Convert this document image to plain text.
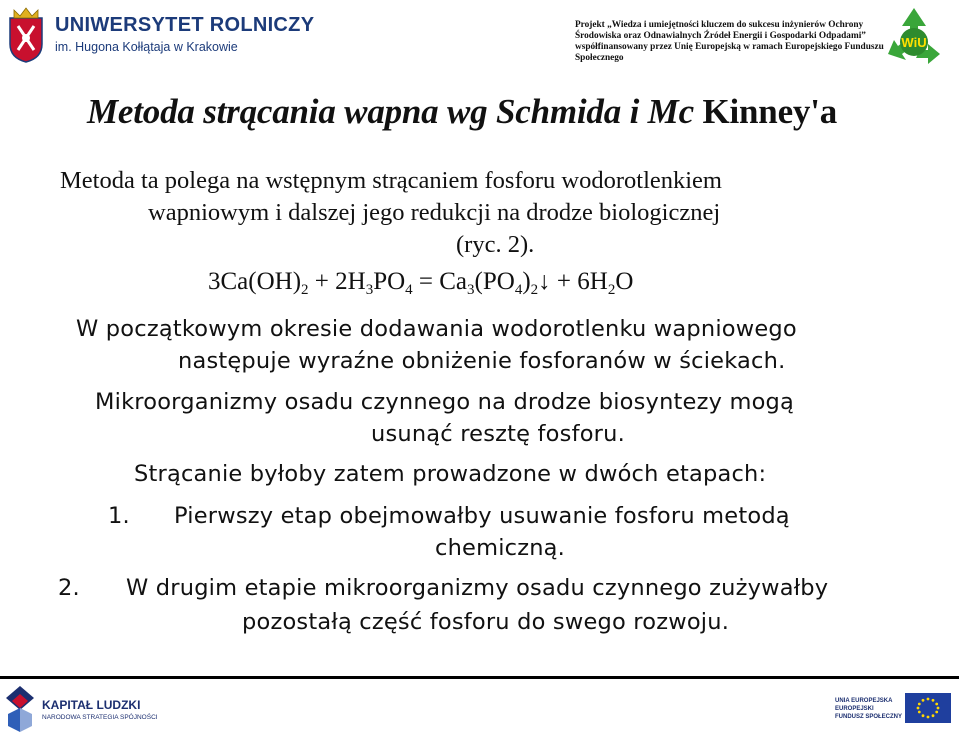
UNIWERSYTET ROLNICZY
im. Hugona Kołłątaja w Krakowie
Projekt „Wiedza i umiejętności kluczem do sukcesu inżynierów Ochrony
Środowiska oraz Odnawialnych Źródeł Energii i Gospodarki Odpadami”
współfinansowany przez Unię Europejską w ramach Europejskiego Funduszu
Społecznego
WiU
Metoda strącania wapna wg Schmida i Mc Kinney'a
Metoda ta polega na wstępnym strącaniem fosforu wodorotlenkiem
wapniowym i dalszej jego redukcji na drodze biologicznej
(ryc. 2).
$3Ca(OH)_2 + 2H_3PO_4$ = $Ca_3(PO_4)_2↓ + 6H_2O$
W początkowym okresie dodawania wodorotlenku wapniowego
następuje wyraźne obniżenie fosforanów w ściekach.
Mikroorganizmy osadu czynnego na drodze biosyntezy mogą
usunąć resztę fosforu.
Strącanie byłoby zatem prowadzone w dwóch etapach:
1. Pierwszy etap obejmowałby usuwanie fosforu metodą
chemiczną.
2. W drugim etapie mikroorganizmy osadu czynnego zużywałby
pozostałą część fosforu do swego rozwoju.
KAPITAŁ LUDZKI
NARODOWA STRATEGIA SPÓJNOŚCI
UNIA EUROPEJSKA
EUROPEJSKI
FUNDUSZ SPOŁECZNY
